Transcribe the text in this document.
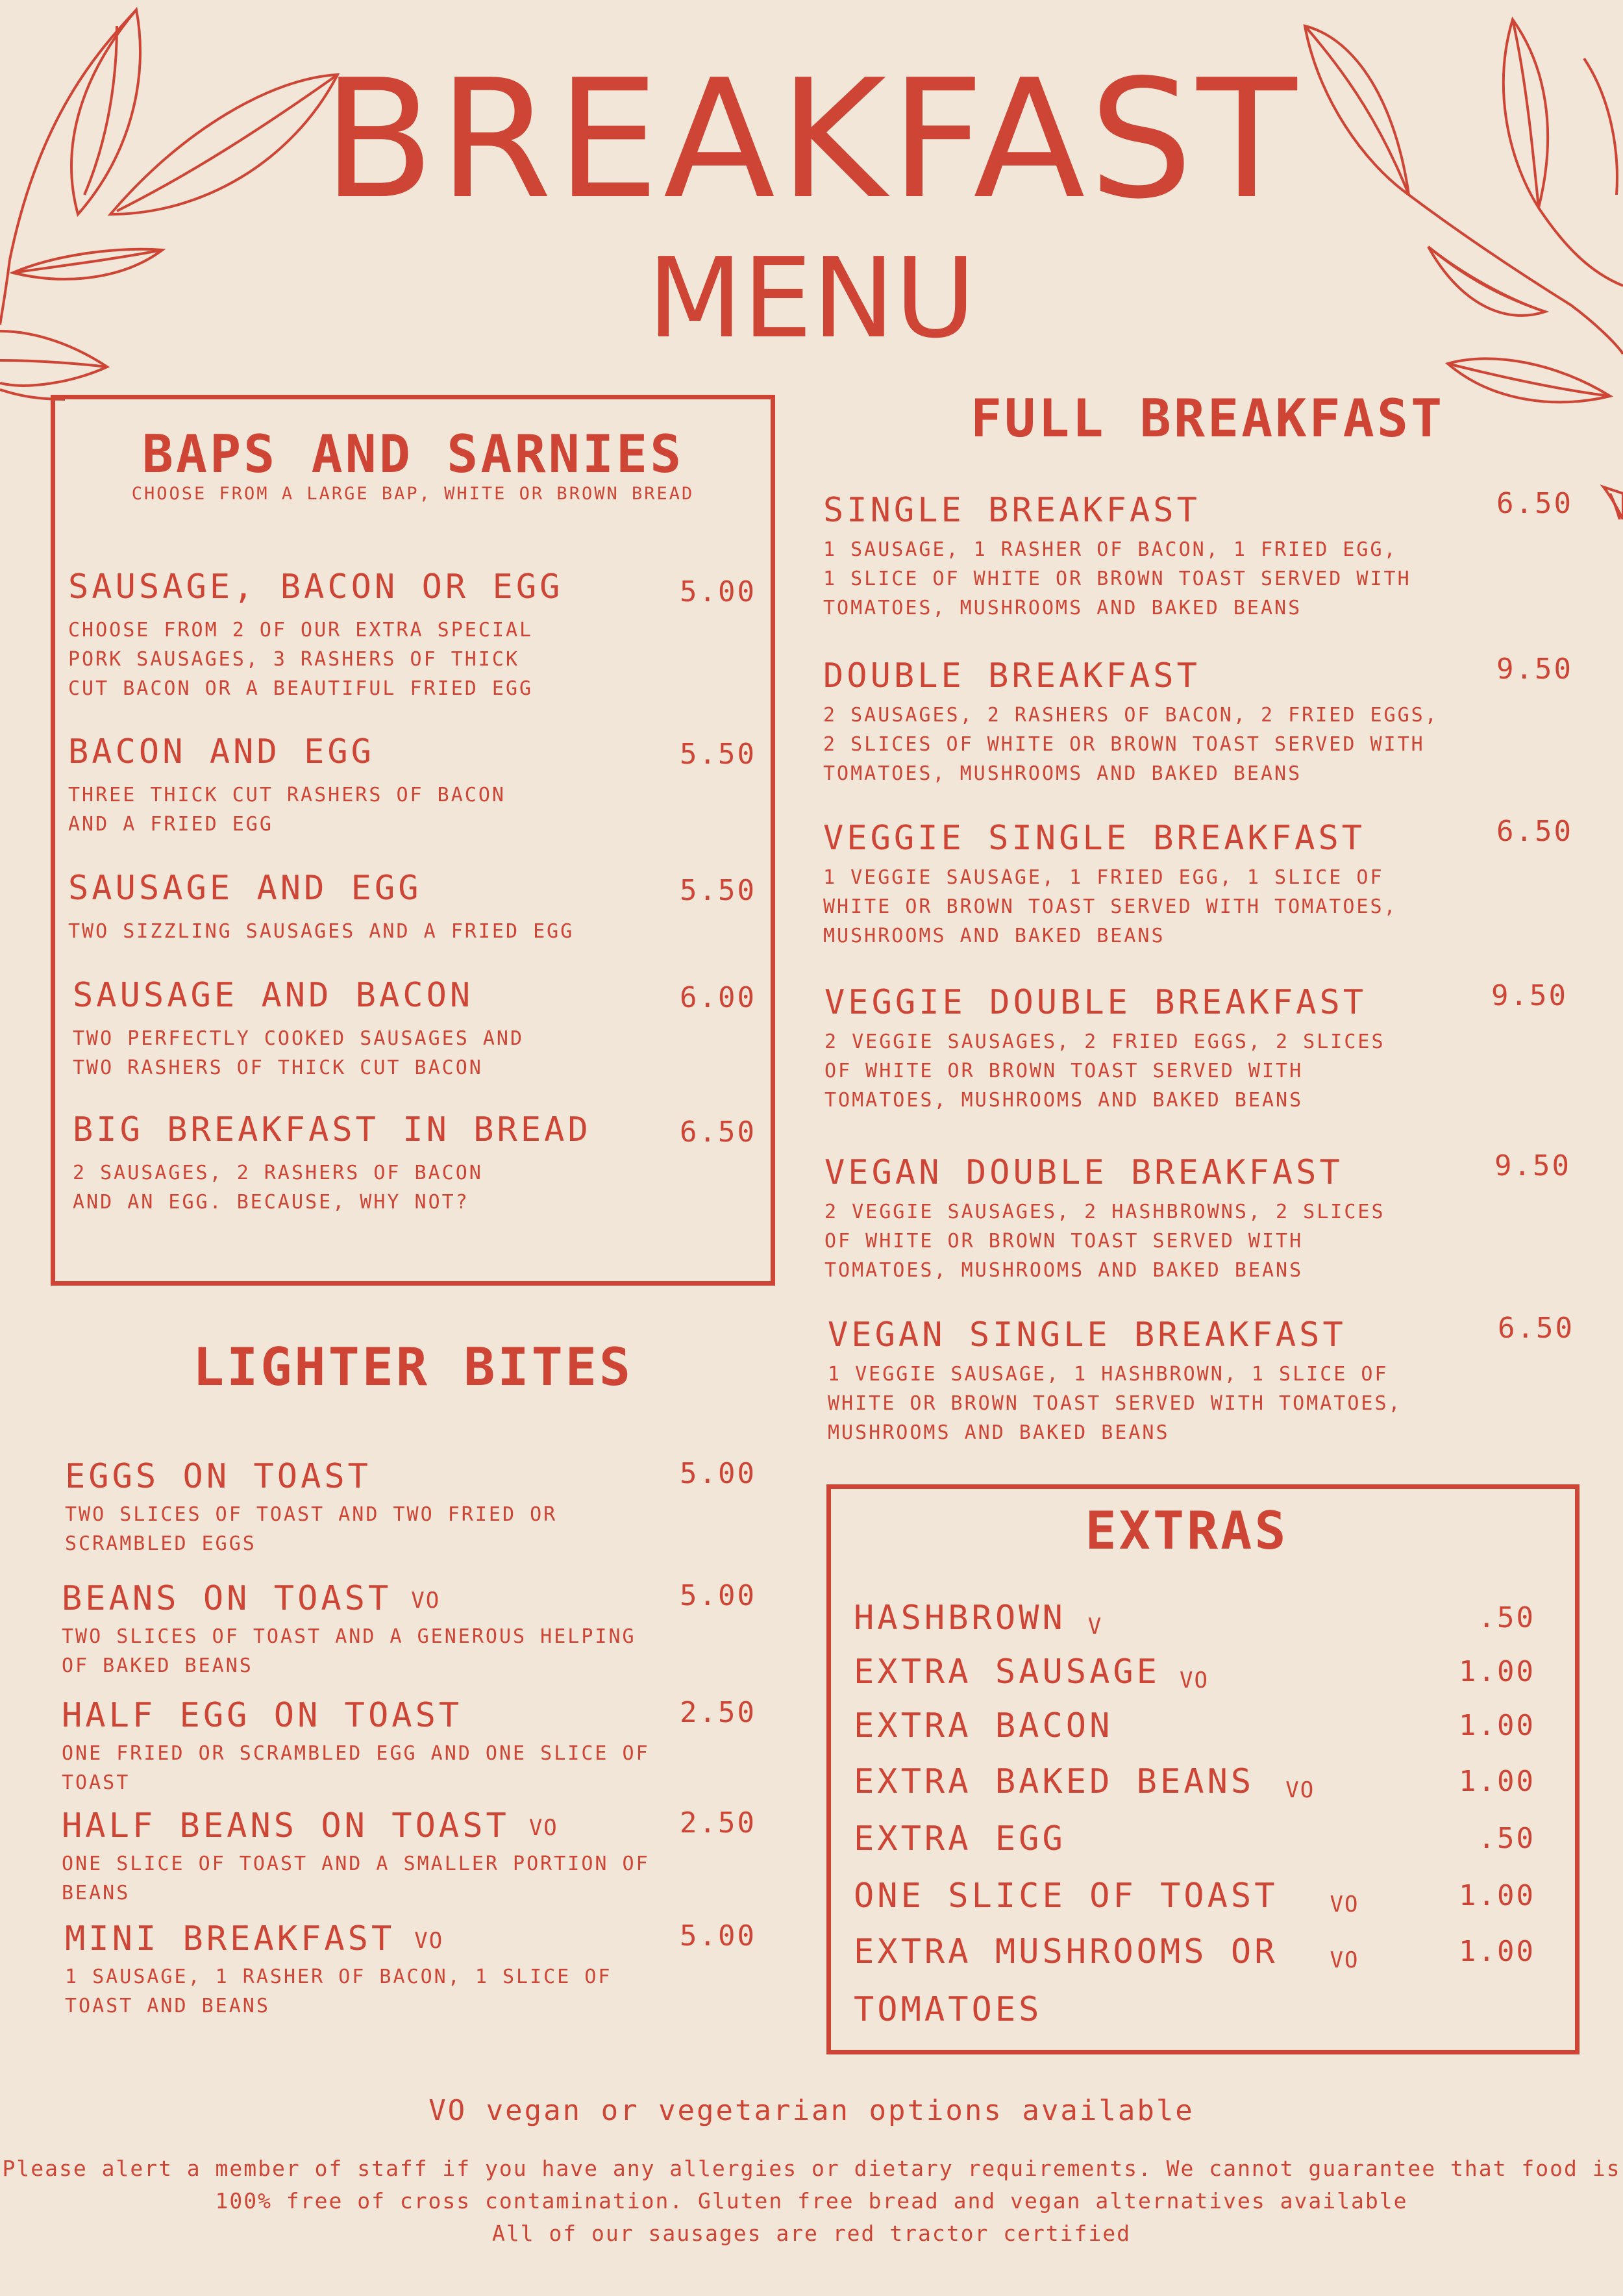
BREAKFAST
MENU
BAPS AND SARNIES
CHOOSE FROM A LARGE BAP, WHITE OR BROWN BREAD
SAUSAGE, BACON OR EGG
CHOOSE FROM 2 OF OUR EXTRA SPECIAL
PORK SAUSAGES, 3 RASHERS OF THICK
CUT BACON OR A BEAUTIFUL FRIED EGG
5.00
BACON AND EGG
THREE THICK CUT RASHERS OF BACON
AND A FRIED EGG
5.50
SAUSAGE AND EGG
TWO SIZZLING SAUSAGES AND A FRIED EGG
5.50
SAUSAGE AND BACON
TWO PERFECTLY COOKED SAUSAGES AND
TWO RASHERS OF THICK CUT BACON
6.00
BIG BREAKFAST IN BREAD
2 SAUSAGES, 2 RASHERS OF BACON
AND AN EGG. BECAUSE, WHY NOT?
6.50
LIGHTER BITES
EGGS ON TOAST
TWO SLICES OF TOAST AND TWO FRIED OR
SCRAMBLED EGGS
5.00
BEANS ON TOAST VO
TWO SLICES OF TOAST AND A GENEROUS HELPING
OF BAKED BEANS
5.00
HALF EGG ON TOAST
ONE FRIED OR SCRAMBLED EGG AND ONE SLICE OF
TOAST
2.50
HALF BEANS ON TOAST VO
ONE SLICE OF TOAST AND A SMALLER PORTION OF
BEANS
2.50
MINI BREAKFAST VO
1 SAUSAGE, 1 RASHER OF BACON, 1 SLICE OF
TOAST AND BEANS
5.00
FULL BREAKFAST
SINGLE BREAKFAST
1 SAUSAGE, 1 RASHER OF BACON, 1 FRIED EGG,
1 SLICE OF WHITE OR BROWN TOAST SERVED WITH
TOMATOES, MUSHROOMS AND BAKED BEANS
6.50
DOUBLE BREAKFAST
2 SAUSAGES, 2 RASHERS OF BACON, 2 FRIED EGGS,
2 SLICES OF WHITE OR BROWN TOAST SERVED WITH
TOMATOES, MUSHROOMS AND BAKED BEANS
9.50
VEGGIE SINGLE BREAKFAST
1 VEGGIE SAUSAGE, 1 FRIED EGG, 1 SLICE OF
WHITE OR BROWN TOAST SERVED WITH TOMATOES,
MUSHROOMS AND BAKED BEANS
6.50
VEGGIE DOUBLE BREAKFAST
2 VEGGIE SAUSAGES, 2 FRIED EGGS, 2 SLICES
OF WHITE OR BROWN TOAST SERVED WITH
TOMATOES, MUSHROOMS AND BAKED BEANS
9.50
VEGAN DOUBLE BREAKFAST
2 VEGGIE SAUSAGES, 2 HASHBROWNS, 2 SLICES
OF WHITE OR BROWN TOAST SERVED WITH
TOMATOES, MUSHROOMS AND BAKED BEANS
9.50
VEGAN SINGLE BREAKFAST
1 VEGGIE SAUSAGE, 1 HASHBROWN, 1 SLICE OF
WHITE OR BROWN TOAST SERVED WITH TOMATOES,
MUSHROOMS AND BAKED BEANS
6.50
EXTRAS
HASHBROWN V	.50
EXTRA SAUSAGE VO	1.00
EXTRA BACON	1.00
EXTRA BAKED BEANS VO	1.00
EXTRA EGG	.50
ONE SLICE OF TOAST VO	1.00
EXTRA MUSHROOMS OR VO	1.00
TOMATOES
VO vegan or vegetarian options available
Please alert a member of staff if you have any allergies or dietary requirements. We cannot guarantee that food is
100% free of cross contamination. Gluten free bread and vegan alternatives available
All of our sausages are red tractor certified
